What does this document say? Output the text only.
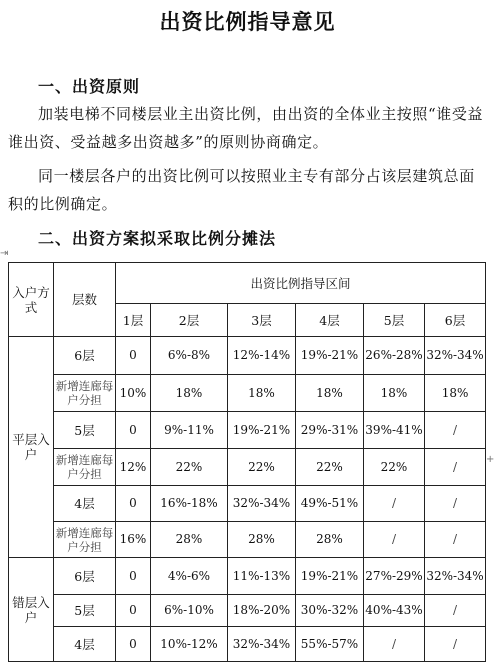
出资比例指导意见
一、出资原则

加装电梯不同楼层业主出资比例，由出资的全体业主按照“谁受益谁出资、受益越多出资越多”的原则协商确定。

同一楼层各户的出资比例可以按照业主专有部分占该层建筑总面积的比例确定。

二、出资方案拟采取比例分摊法
⇥
+
入户方式	层数	出资比例指导区间					
		1层	2层	3层	4层	5层	6层
平层入户	6层	0	6%-8%	12%-14%	19%-21%	26%-28%	32%-34%
	新增连廊每户分担	10%	18%	18%	18%	18%	18%
	5层	0	9%-11%	19%-21%	29%-31%	39%-41%	/
	新增连廊每户分担	12%	22%	22%	22%	22%	/
	4层	0	16%-18%	32%-34%	49%-51%	/	/
	新增连廊每户分担	16%	28%	28%	28%	/	/
错层入户	6层	0	4%-6%	11%-13%	19%-21%	27%-29%	32%-34%
	5层	0	6%-10%	18%-20%	30%-32%	40%-43%	/
	4层	0	10%-12%	32%-34%	55%-57%	/	/
